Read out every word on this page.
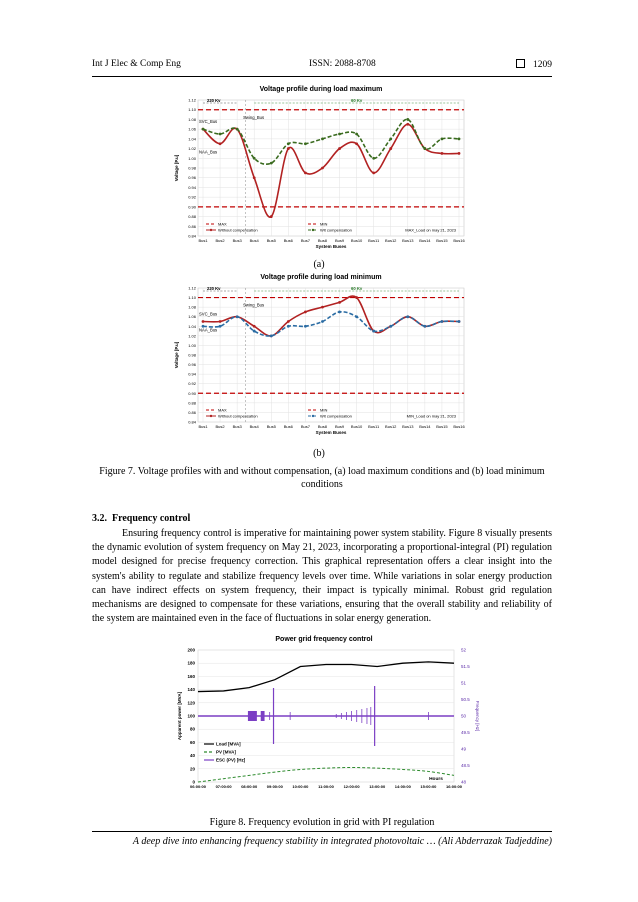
Int J Elec & Comp Eng	ISSN: 2088-8708	1209
Voltage profile during load maximum
0.84
0.86
0.88
0.90
0.92
0.94
0.96
0.98
1.00
1.02
1.04
1.06
1.08
1.10
1.12
Bus1 Bus2 Bus3 Bus4 Bus5 Bus6 Bus7 Bus8 Bus9 Bus10 Bus11 Bus12 Bus13 Bus14 Bus15 Bus16
System Buses
Voltage [P.u]
220 Kv	60 Kv
SVC_Bus
Swing_Bus
NAA_Bus
MAX	MIN
Without compensation	Wit compensation	MAX_Load on may 21, 2023
(a)
Voltage profile during load minimum
0.84
0.86
0.88
0.90
0.92
0.94
0.96
0.98
1.00
1.02
1.04
1.06
1.08
1.10
1.12
Bus1 Bus2 Bus3 Bus4 Bus5 Bus6 Bus7 Bus8 Bus9 Bus10 Bus11 Bus12 Bus13 Bus14 Bus15 Bus16
System Buses
Voltage [P.u]
220 Kv	60 Kv
SVC_Bus
Swing_Bus
NAA_Bus
MAX	MIN
Without compensation	Wit compensation	MIN_Load on may 21, 2023
(b)
Figure 7. Voltage profiles with and without compensation, (a) load maximum conditions and (b) load minimum conditions
3.2. Frequency control
Ensuring frequency control is imperative for maintaining power system stability. Figure 8 visually presents the dynamic evolution of system frequency on May 21, 2023, incorporating a proportional-integral (PI) regulation model designed for precise frequency correction. This graphical representation offers a clear insight into the system's ability to regulate and stabilize frequency levels over time. While variations in solar energy production can have indirect effects on system frequency, their impact is typically minimal. Robust grid regulation mechanisms are designed to compensate for these variations, ensuring that the overall stability and reliability of the system are maintained even in the face of fluctuations in solar energy generation.
Power grid frequency control
0
20
40
60
80
100
120
140
160
180
200
48
48.5
49
49.5
50
50.5
51
51.5
52
06:00:00 07:00:00 08:00:00 09:00:00 10:00:00 11:00:00 12:00:00 13:00:00 14:00:00 15:00:00 16:00:00
Hours
Apparent power [MVA]	Frequency [Hz]
Load [MVA]
PV [MVA]
ESC (PV) [Hz]
Figure 8. Frequency evolution in grid with PI regulation
A deep dive into enhancing frequency stability in integrated photovoltaic … (Ali Abderrazak Tadjeddine)
